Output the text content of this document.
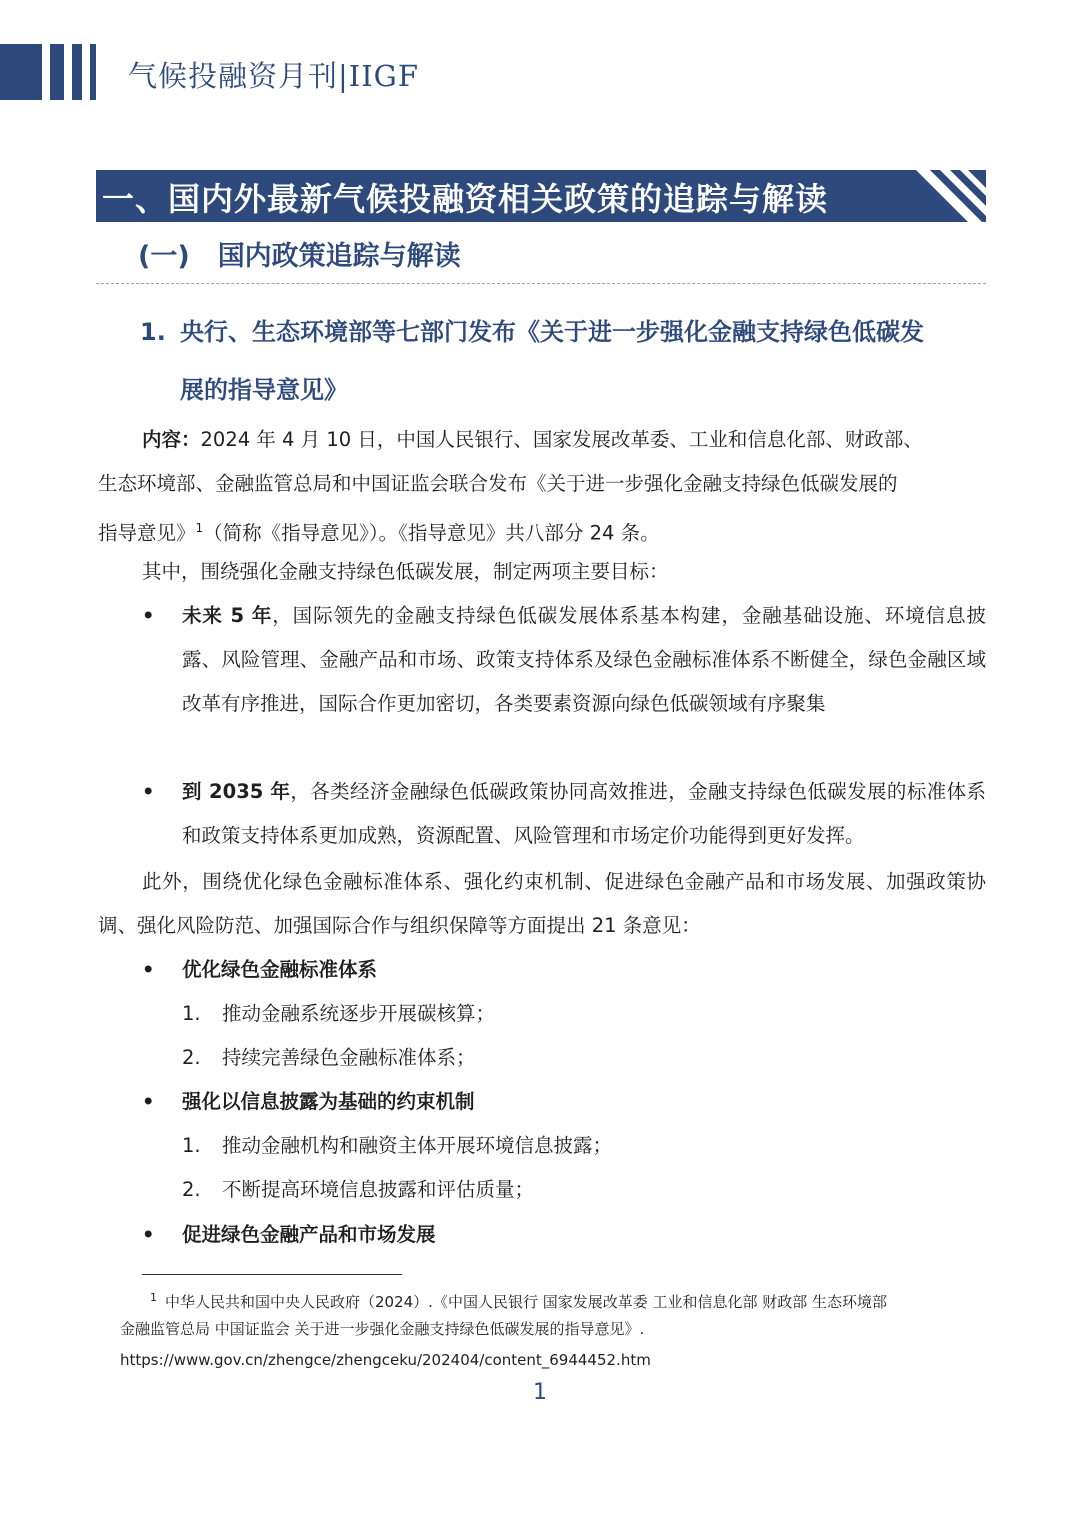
气候投融资月刊|IIGF
一、国内外最新气候投融资相关政策的追踪与解读
(一) 国内政策追踪与解读
1. 央行、生态环境部等七部门发布《关于进一步强化金融支持绿色低碳发
展的指导意见》
内容：2024 年 4 月 10 日，中国人民银行、国家发展改革委、工业和信息化部、财政部、
生态环境部、金融监管总局和中国证监会联合发布《关于进一步强化金融支持绿色低碳发展的
指导意见》$^1$（简称《指导意见》）。《指导意见》共八部分 24 条。
其中，围绕强化金融支持绿色低碳发展，制定两项主要目标：
• 未来 5 年，国际领先的金融支持绿色低碳发展体系基本构建，金融基础设施、环境信息披露、风险管理、金融产品和市场、政策支持体系及绿色金融标准体系不断健全，绿色金融区域改革有序推进，国际合作更加密切，各类要素资源向绿色低碳领域有序聚集
• 到 2035 年，各类经济金融绿色低碳政策协同高效推进，金融支持绿色低碳发展的标准体系和政策支持体系更加成熟，资源配置、风险管理和市场定价功能得到更好发挥。
此外，围绕优化绿色金融标准体系、强化约束机制、促进绿色金融产品和市场发展、加强政策协调、强化风险防范、加强国际合作与组织保障等方面提出 21 条意见：
• 优化绿色金融标准体系
1. 推动金融系统逐步开展碳核算；
2. 持续完善绿色金融标准体系；
• 强化以信息披露为基础的约束机制
1. 推动金融机构和融资主体开展环境信息披露；
2. 不断提高环境信息披露和评估质量；
• 促进绿色金融产品和市场发展
$^1$ 中华人民共和国中央人民政府（2024）.《中国人民银行 国家发展改革委 工业和信息化部 财政部 生态环境部
金融监管总局 中国证监会 关于进一步强化金融支持绿色低碳发展的指导意见》.
https://www.gov.cn/zhengce/zhengceku/202404/content_6944452.htm
1
